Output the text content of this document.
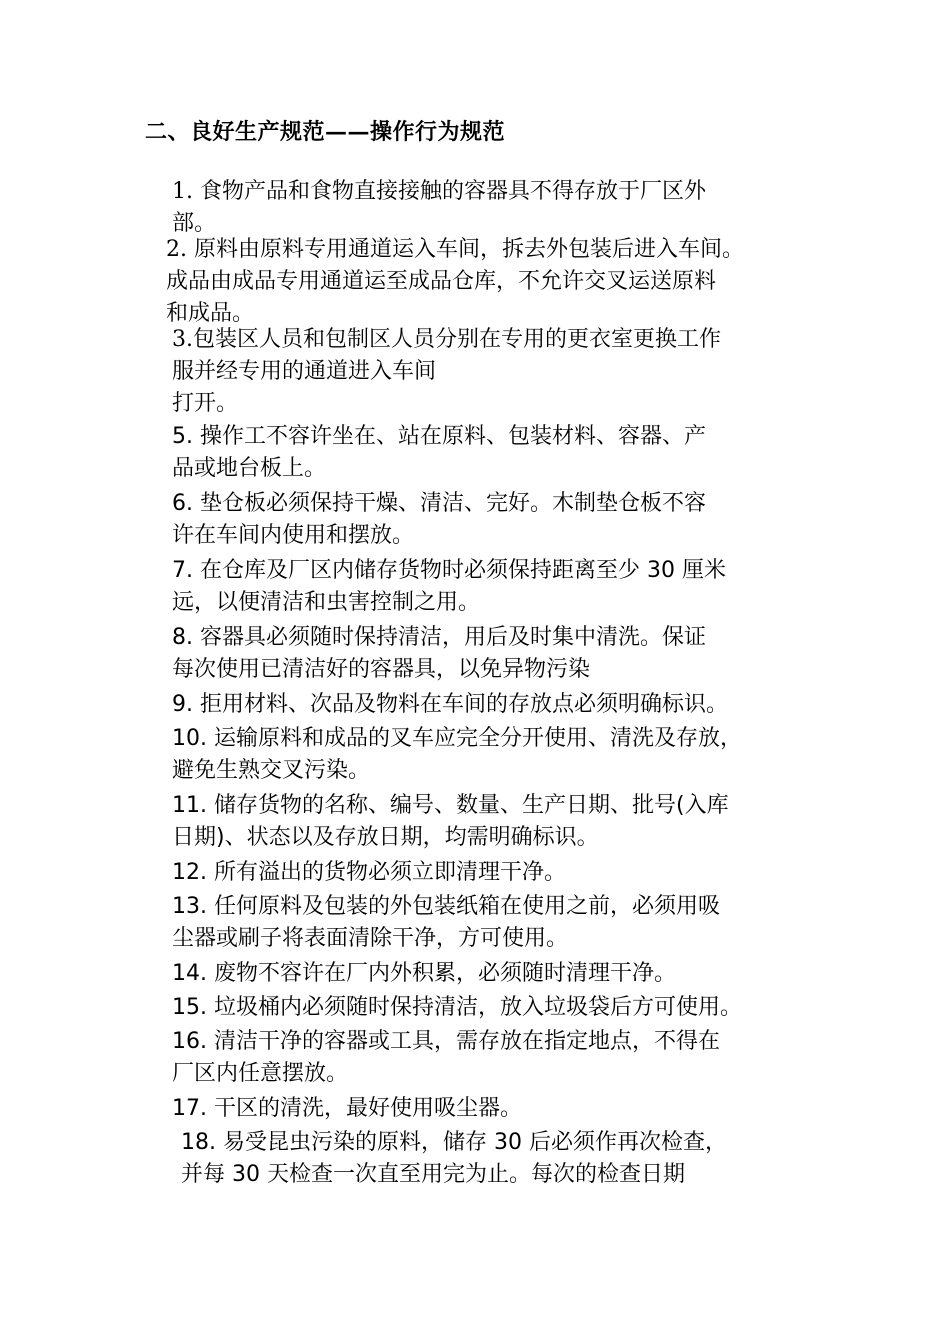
二、良好生产规范——操作行为规范
1. 食物产品和食物直接接触的容器具不得存放于厂区外
部。
2. 原料由原料专用通道运入车间，拆去外包装后进入车间。
成品由成品专用通道运至成品仓库，不允许交叉运送原料
和成品。
3.包装区人员和包制区人员分别在专用的更衣室更换工作
服并经专用的通道进入车间
打开。
5. 操作工不容许坐在、站在原料、包装材料、容器、产
品或地台板上。
6. 垫仓板必须保持干燥、清洁、完好。木制垫仓板不容
许在车间内使用和摆放。
7. 在仓库及厂区内储存货物时必须保持距离至少 30 厘米
远，以便清洁和虫害控制之用。
8. 容器具必须随时保持清洁，用后及时集中清洗。保证
每次使用已清洁好的容器具，以免异物污染
9. 拒用材料、次品及物料在车间的存放点必须明确标识。
10. 运输原料和成品的叉车应完全分开使用、清洗及存放，
避免生熟交叉污染。
11. 储存货物的名称、编号、数量、生产日期、批号(入库
日期)、状态以及存放日期，均需明确标识。
12. 所有溢出的货物必须立即清理干净。
13. 任何原料及包装的外包装纸箱在使用之前，必须用吸
尘器或刷子将表面清除干净，方可使用。
14. 废物不容许在厂内外积累，必须随时清理干净。
15. 垃圾桶内必须随时保持清洁，放入垃圾袋后方可使用。
16. 清洁干净的容器或工具，需存放在指定地点，不得在
厂区内任意摆放。
17. 干区的清洗，最好使用吸尘器。
18. 易受昆虫污染的原料，储存 30 后必须作再次检查，
并每 30 天检查一次直至用完为止。每次的检查日期
